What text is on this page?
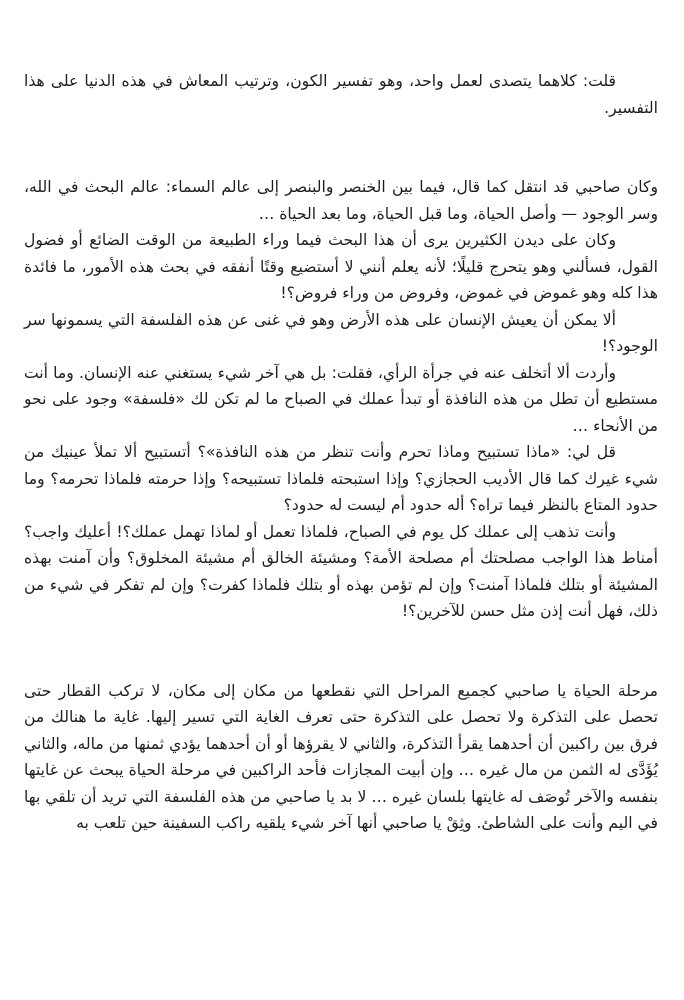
قلت: كلاهما يتصدى لعمل واحد، وهو تفسير الكون، وترتيب المعاش في هذه الدنيا على هذا التفسير.

وكان صاحبي قد انتقل كما قال، فيما بين الخنصر والبنصر إلى عالم السماء: عالم البحث في الله، وسر الوجود — وأصل الحياة، وما قبل الحياة، وما بعد الحياة …

وكان على ديدن الكثيرين يرى أن هذا البحث فيما وراء الطبيعة من الوقت الضائع أو فضول القول، فسألني وهو يتحرج قليلًا؛ لأنه يعلم أنني لا أستضيع وقتًا أنفقه في بحث هذه الأمور، ما فائدة هذا كله وهو غموض في غموض، وفروض من وراء فروض؟!

ألا يمكن أن يعيش الإنسان على هذه الأرض وهو في غنى عن هذه الفلسفة التي يسمونها سر الوجود؟!

وأردت ألا أتخلف عنه في جرأة الرأي، فقلت: بل هي آخر شيء يستغني عنه الإنسان. وما أنت مستطيع أن تطل من هذه النافذة أو تبدأ عملك في الصباح ما لم تكن لك «فلسفة» وجود على نحو من الأنحاء …

قل لي: «ماذا تستبيح وماذا تحرم وأنت تنظر من هذه النافذة»؟ أتستبيح ألا تملأ عينيك من شيء غيرك كما قال الأديب الحجازي؟ وإذا استبحته فلماذا تستبيحه؟ وإذا حرمته فلماذا تحرمه؟ وما حدود المتاع بالنظر فيما تراه؟ أله حدود أم ليست له حدود؟

وأنت تذهب إلى عملك كل يوم في الصباح، فلماذا تعمل أو لماذا تهمل عملك؟! أعليك واجب؟ أمناط هذا الواجب مصلحتك أم مصلحة الأمة؟ ومشيئة الخالق أم مشيئة المخلوق؟ وأن آمنت بهذه المشيئة أو بتلك فلماذا آمنت؟ وإن لم تؤمن بهذه أو بتلك فلماذا كفرت؟ وإن لم تفكر في شيء من ذلك، فهل أنت إذن مثل حسن للآخرين؟!

مرحلة الحياة يا صاحبي كجميع المراحل التي نقطعها من مكان إلى مكان، لا تركب القطار حتى تحصل على التذكرة ولا تحصل على التذكرة حتى تعرف الغاية التي تسير إليها. غاية ما هنالك من فرق بين راكبين أن أحدهما يقرأ التذكرة، والثاني لا يقرؤها أو أن أحدهما يؤدي ثمنها من ماله، والثاني يُؤَدَّى له الثمن من مال غيره … وإن أبيت المجازات فأحد الراكبين في مرحلة الحياة يبحث عن غايتها بنفسه والآخر تُوصَف له غايتها بلسان غيره … لا بد يا صاحبي من هذه الفلسفة التي تريد أن تلقي بها في اليم وأنت على الشاطئ. وثِقْ يا صاحبي أنها آخر شيء يلقيه راكب السفينة حين تلعب به
